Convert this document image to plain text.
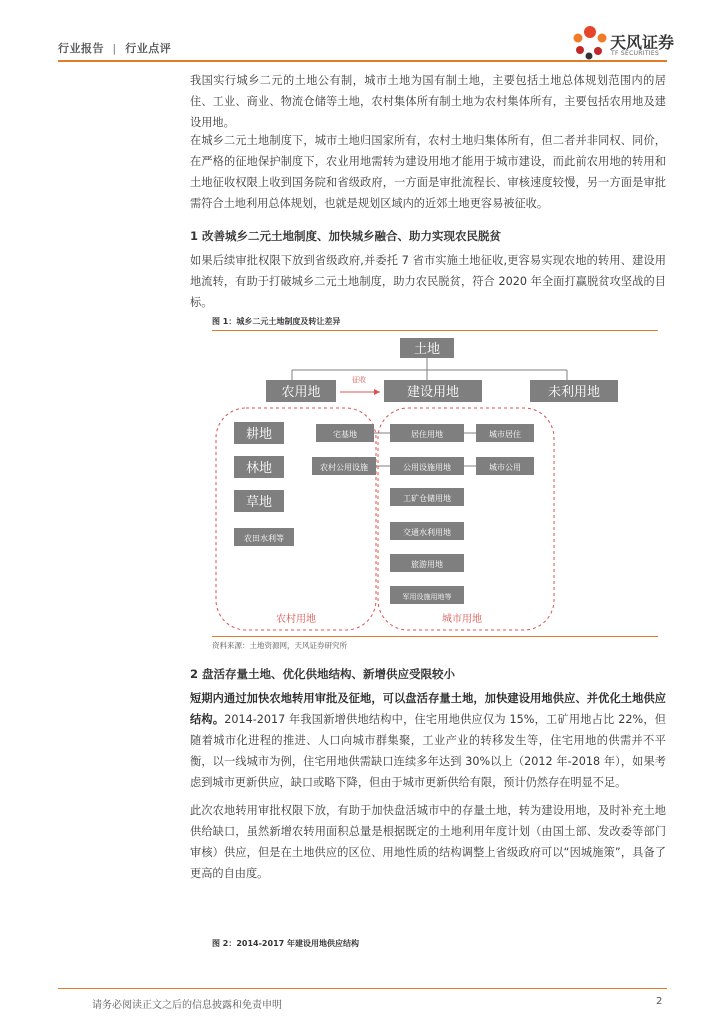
行业报告 | 行业点评	天风证券
TF SECURITIES

我国实行城乡二元的土地公有制，城市土地为国有制土地，主要包括土地总体规划范围内的居住、工业、商业、物流仓储等土地，农村集体所有制土地为农村集体所有，主要包括农用地及建设用地。

在城乡二元土地制度下，城市土地归国家所有，农村土地归集体所有，但二者并非同权、同价，在严格的征地保护制度下，农业用地需转为建设用地才能用于城市建设，而此前农用地的转用和土地征收权限上收到国务院和省级政府，一方面是审批流程长、审核速度较慢，另一方面是审批需符合土地利用总体规划，也就是规划区域内的近郊土地更容易被征收。

1 改善城乡二元土地制度、加快城乡融合、助力实现农民脱贫

如果后续审批权限下放到省级政府,并委托 7 省市实施土地征收,更容易实现农地的转用、建设用地流转，有助于打破城乡二元土地制度，助力农民脱贫，符合 2020 年全面打赢脱贫攻坚战的目标。

图 1：城乡二元土地制度及转让差异
土地
农用地	建设用地	未利用地
征收
农村用地	城市用地
耕地
林地
草地
农田水利等
宅基地
农村公用设施
居住用地
公用设施用地
工矿仓储用地
交通水利用地
旅游用地
军用设施用地等
城市居住
城市公用
资料来源：土地资源网，天风证券研究所
2 盘活存量土地、优化供地结构、新增供应受限较小

短期内通过加快农地转用审批及征地，可以盘活存量土地，加快建设用地供应、并优化土地供应结构。2014-2017 年我国新增供地结构中，住宅用地供应仅为 15%，工矿用地占比 22%，但随着城市化进程的推进、人口向城市群集聚，工业产业的转移发生等，住宅用地的供需并不平衡，以一线城市为例，住宅用地供需缺口连续多年达到 30%以上（2012 年-2018 年），如果考虑到城市更新供应，缺口或略下降，但由于城市更新供给有限，预计仍然存在明显不足。

此次农地转用审批权限下放，有助于加快盘活城市中的存量土地，转为建设用地，及时补充土地供给缺口，虽然新增农转用面积总量是根据既定的土地利用年度计划（由国土部、发改委等部门审核）供应，但是在土地供应的区位、用地性质的结构调整上省级政府可以“因城施策”，具备了更高的自由度。

图 2：2014-2017 年建设用地供应结构
请务必阅读正文之后的信息披露和免责申明	2
